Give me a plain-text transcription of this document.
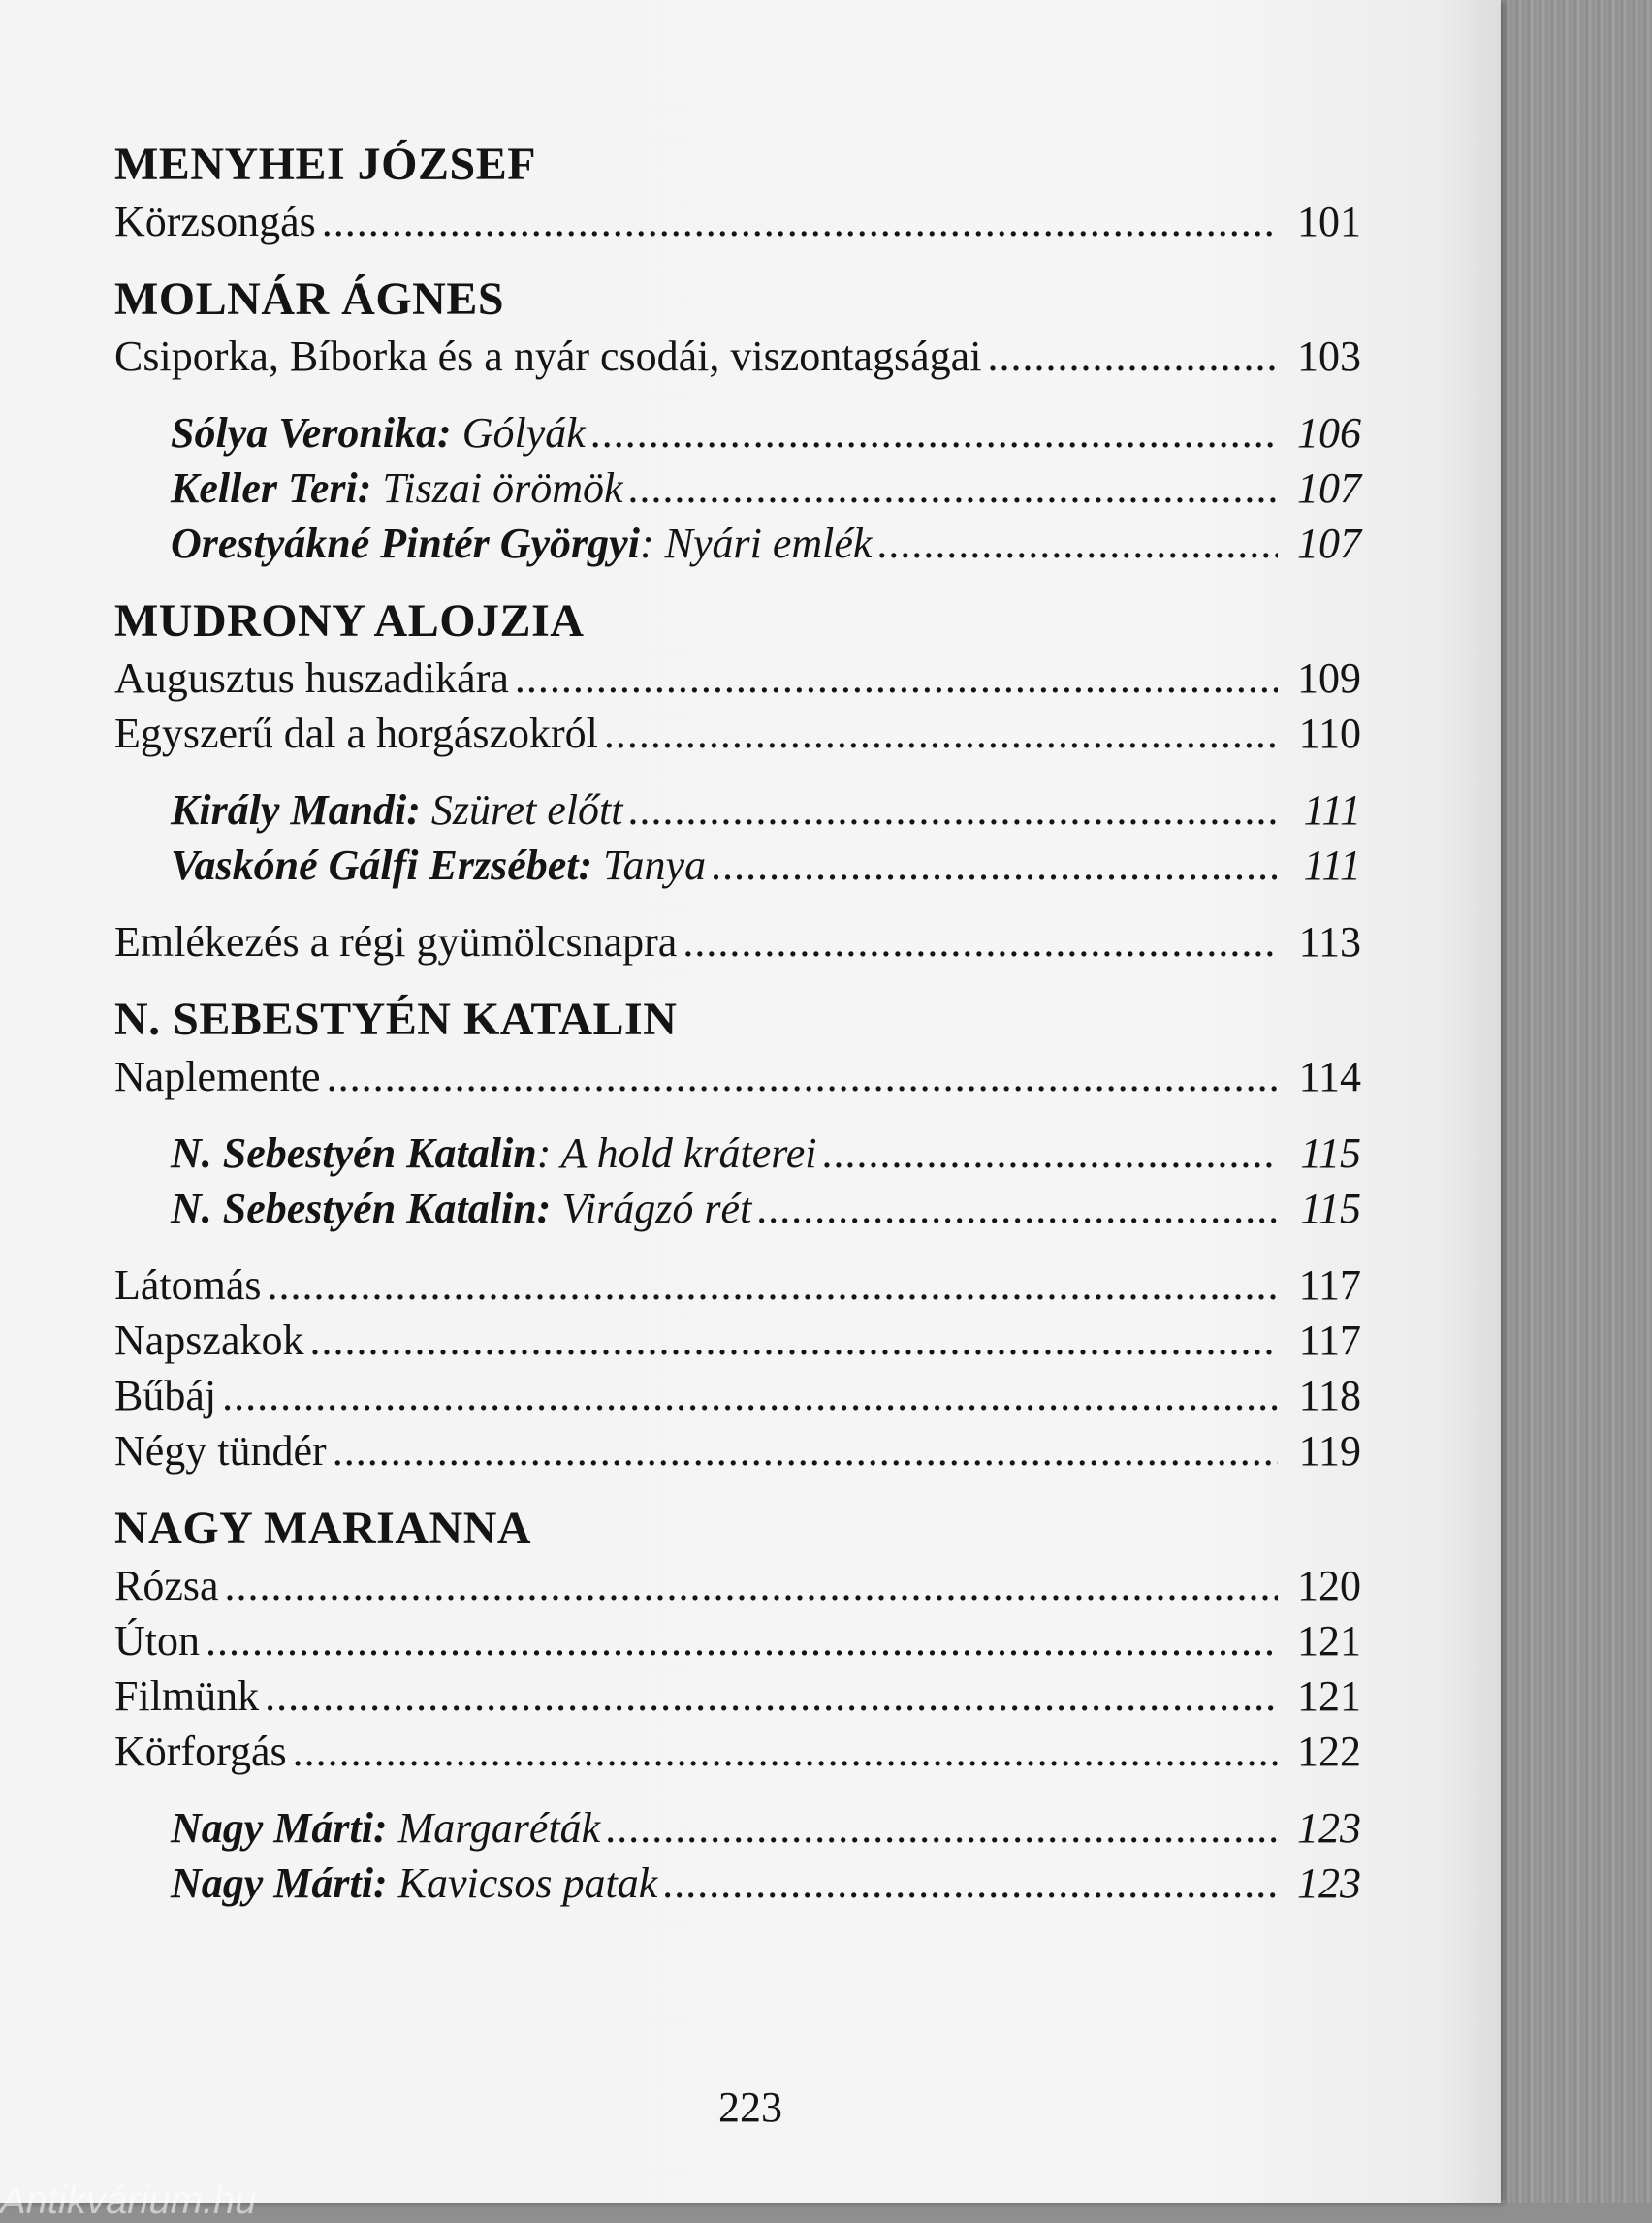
MENYHEI JÓZSEF
Körzsongás .....	101
MOLNÁR ÁGNES
Csiporka, Bíborka és a nyár csodái, viszontagságai .....	103
Sólya Veronika: Gólyák .....	106
Keller Teri: Tiszai örömök .....	107
Orestyákné Pintér Györgyi: Nyári emlék .....	107
MUDRONY ALOJZIA
Augusztus huszadikára .....	109
Egyszerű dal a horgászokról .....	110
Király Mandi: Szüret előtt .....	111
Vaskóné Gálfi Erzsébet: Tanya .....	111
Emlékezés a régi gyümölcsnapra .....	113
N. SEBESTYÉN KATALIN
Naplemente .....	114
N. Sebestyén Katalin: A hold kráterei .....	115
N. Sebestyén Katalin: Virágzó rét .....	115
Látomás .....	117
Napszakok .....	117
Bűbáj .....	118
Négy tündér .....	119
NAGY MARIANNA
Rózsa .....	120
Úton .....	121
Filmünk .....	121
Körforgás .....	122
Nagy Márti: Margaréták .....	123
Nagy Márti: Kavicsos patak .....	123
223
Antikvárium.hu
